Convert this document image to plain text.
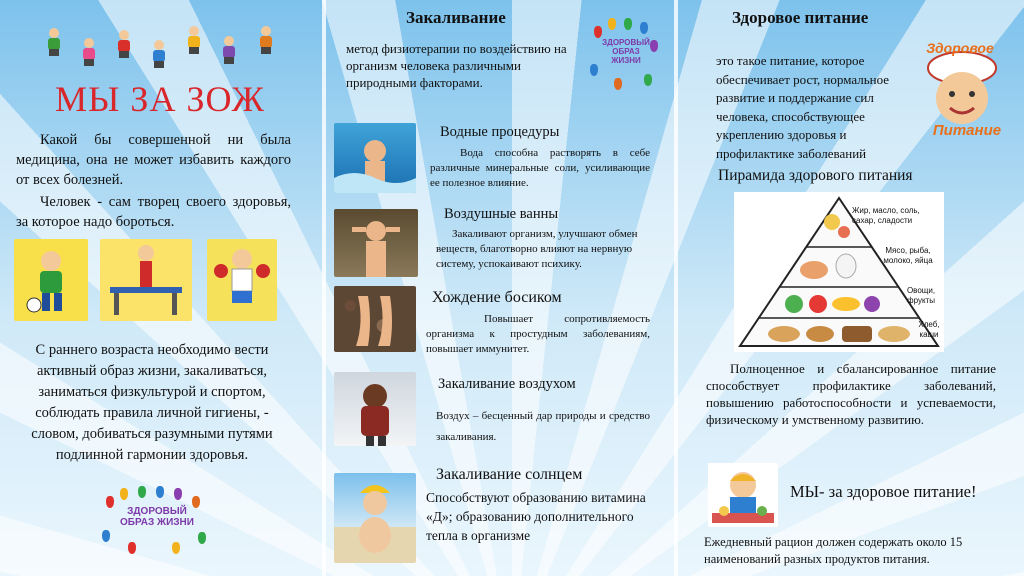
МЫ ЗА ЗОЖ

Какой бы совершенной ни была медицина, она не может избавить каждого от всех болезней.

Человек - сам творец своего здоровья, за которое надо бороться.

С раннего возраста необходимо вести активный образ жизни, закаливаться, заниматься физкультурой и спортом, соблюдать правила личной гигиены, - словом, добиваться разумными путями подлинной гармонии здоровья.

ЗДОРОВЫЙ ОБРАЗ ЖИЗНИ
Закаливание

метод физиотерапии по воздействию на организм человека различными природными факторами.

ЗДОРОВЫЙ ОБРАЗ ЖИЗНИ
Водные процедуры

Вода способна растворять в себе различные минеральные соли, усиливающие ее полезное влияние.

Воздушные ванны

Закаливают организм, улучшают обмен веществ, благотворно влияют на нервную систему, успокаивают психику.

Хождение босиком

Повышает сопротивляемость организма к простудным заболеваниям, повышает иммунитет.

Закаливание воздухом

Воздух – бесценный дар природы и средство закаливания.

Закаливание солнцем

Способствуют образованию витамина «Д»; образованию дополнительного тепла в организме

Здоровое питание

это такое питание, которое обеспечивает рост, нормальное развитие и поддержание сил человека, способствующее укреплению здоровья и профилактике заболеваний

Здоровое
Питание
Пирамида здорового питания
Жир, масло, соль, сахар, сладости
Мясо, рыба, молоко, яйца
Овощи, фрукты
Хлеб, каши

Полноценное и сбалансированное питание способствует профилактике заболеваний, повышению работоспособности и успеваемости, физическому и умственному развитию.

МЫ- за здоровое питание!

Ежедневный рацион должен содержать около 15 наименований разных продуктов питания.
